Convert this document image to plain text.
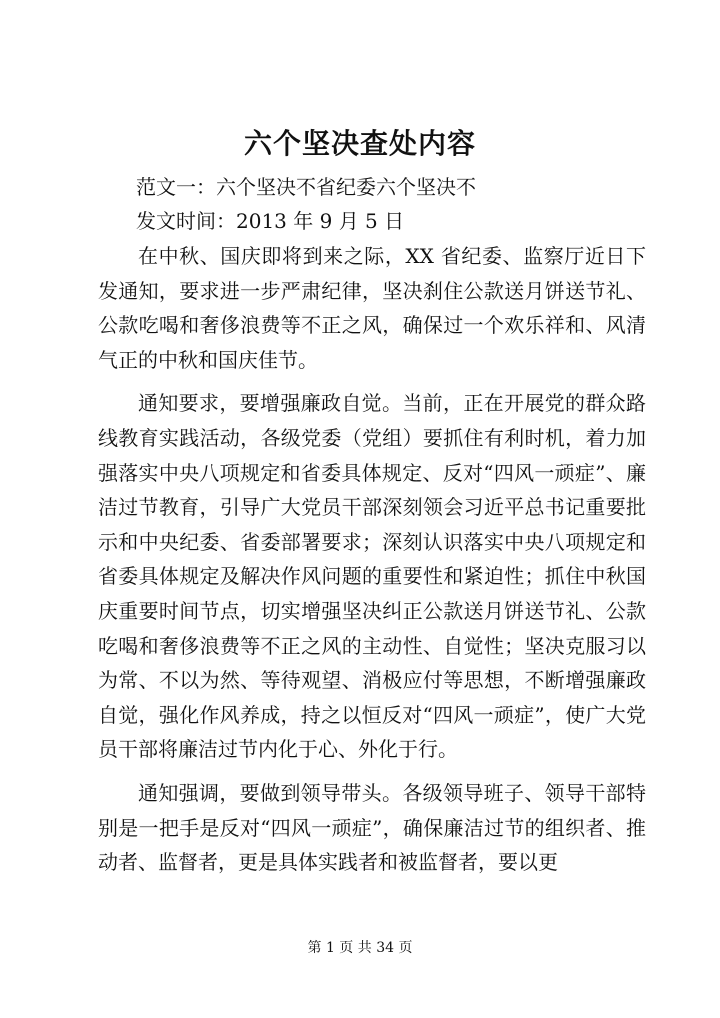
六个坚决查处内容
范文一：六个坚决不省纪委六个坚决不
发文时间：2013 年 9 月 5 日

在中秋、国庆即将到来之际，XX 省纪委、监察厅近日下发通知，要求进一步严肃纪律，坚决刹住公款送月饼送节礼、公款吃喝和奢侈浪费等不正之风，确保过一个欢乐祥和、风清气正的中秋和国庆佳节。

通知要求，要增强廉政自觉。当前，正在开展党的群众路线教育实践活动，各级党委（党组）要抓住有利时机，着力加强落实中央八项规定和省委具体规定、反对“四风一顽症”、廉洁过节教育，引导广大党员干部深刻领会习近平总书记重要批示和中央纪委、省委部署要求；深刻认识落实中央八项规定和省委具体规定及解决作风问题的重要性和紧迫性；抓住中秋国庆重要时间节点，切实增强坚决纠正公款送月饼送节礼、公款吃喝和奢侈浪费等不正之风的主动性、自觉性；坚决克服习以为常、不以为然、等待观望、消极应付等思想，不断增强廉政自觉，强化作风养成，持之以恒反对“四风一顽症”，使广大党员干部将廉洁过节内化于心、外化于行。

通知强调，要做到领导带头。各级领导班子、领导干部特别是一把手是反对“四风一顽症”，确保廉洁过节的组织者、推动者、监督者，更是具体实践者和被监督者，要以更

第 1 页 共 34 页
